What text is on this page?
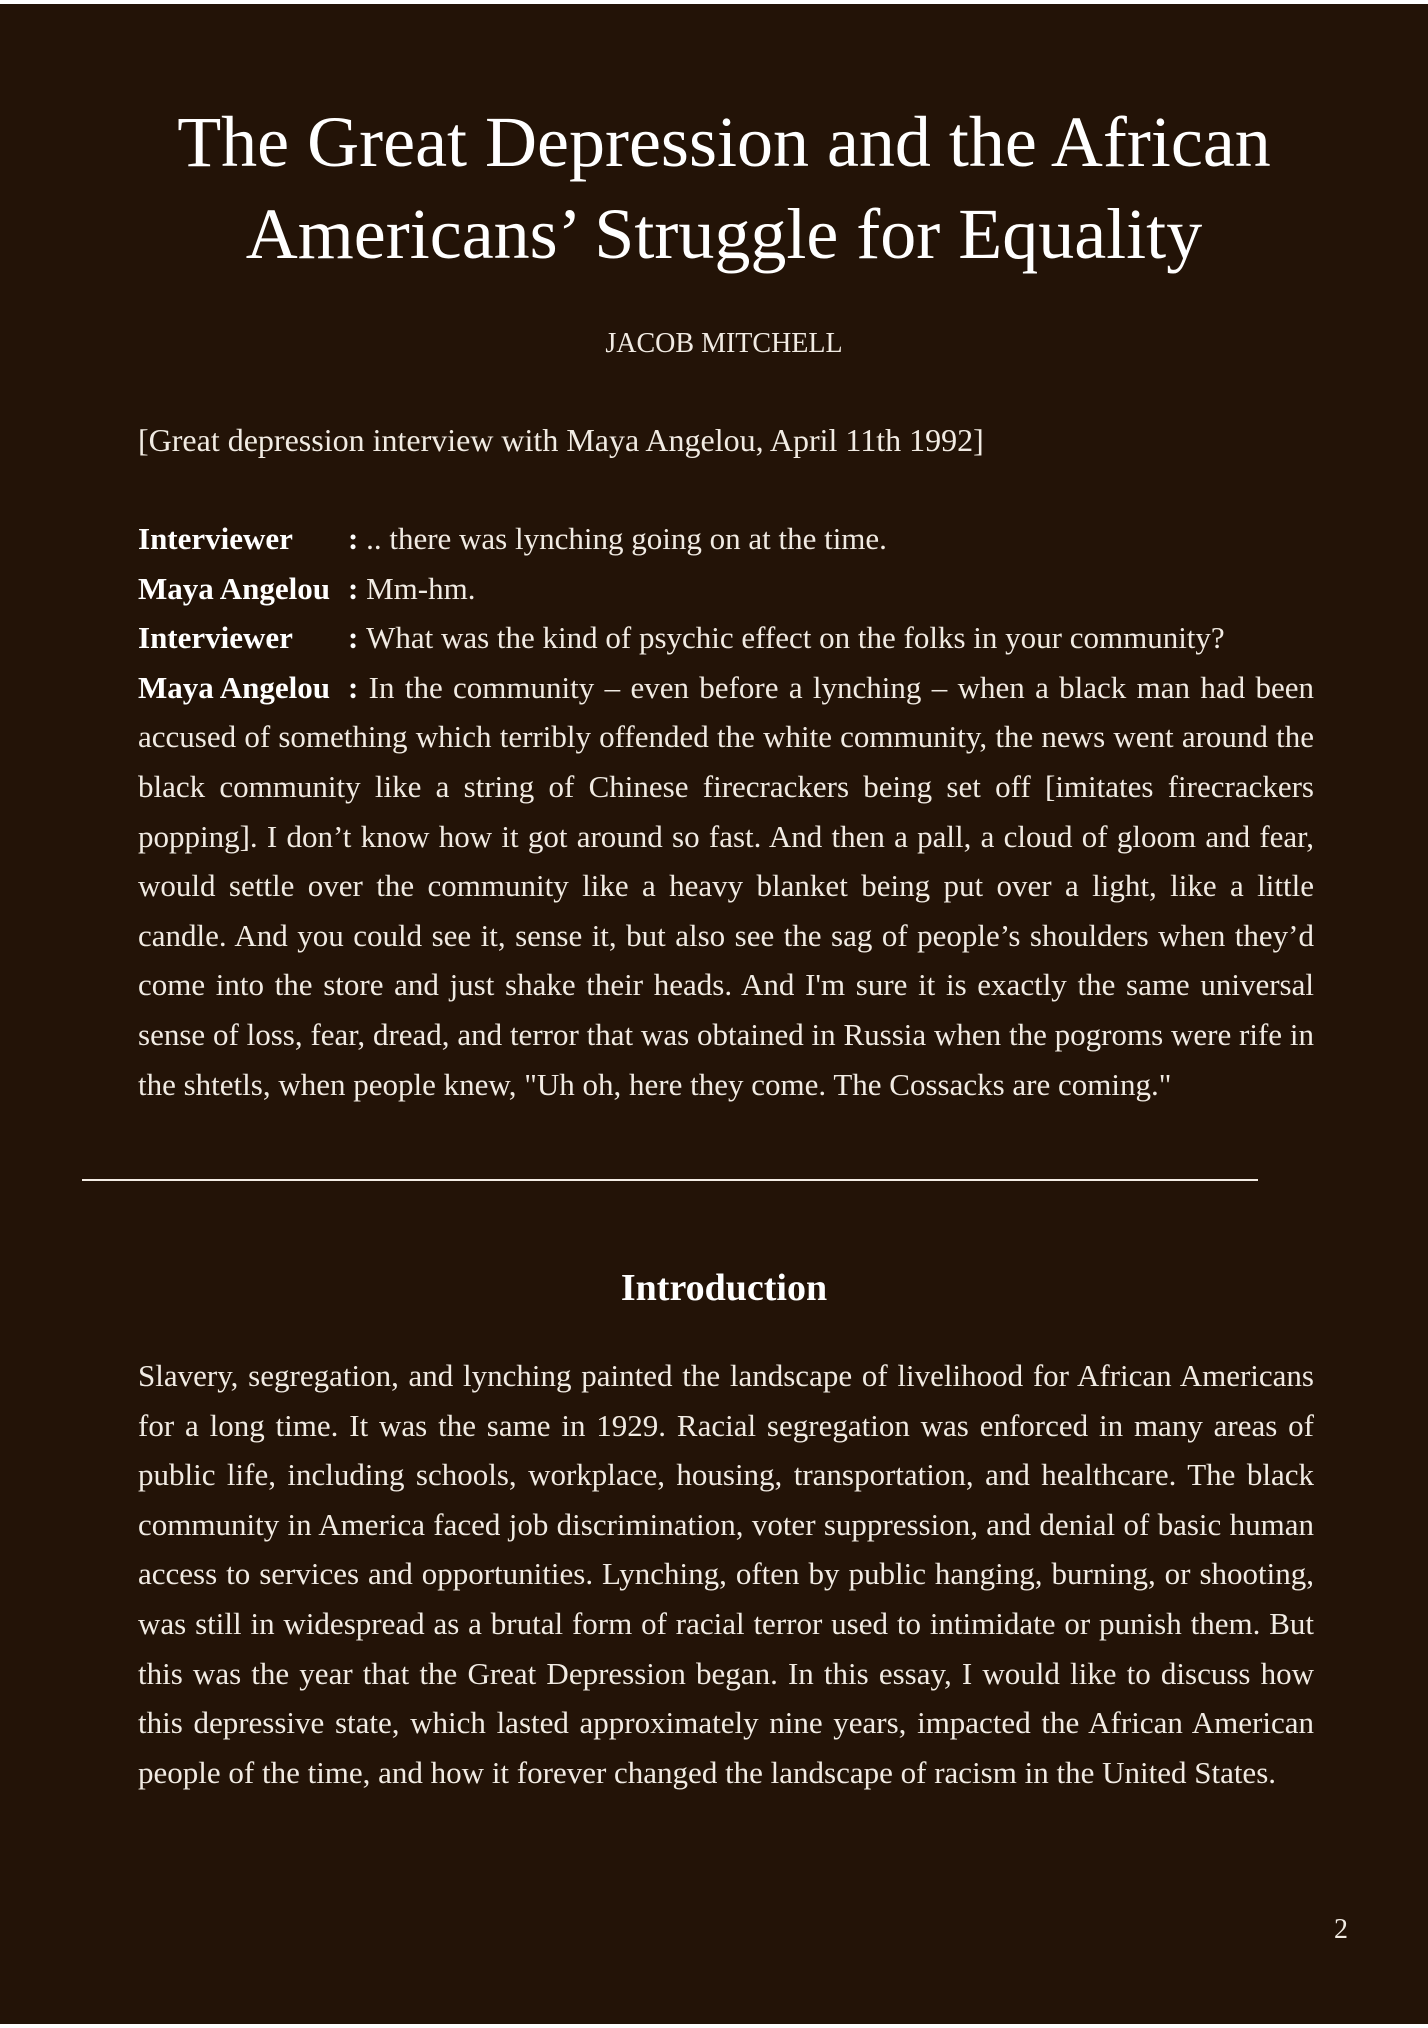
The Great Depression and the African Americans’ Struggle for Equality
JACOB MITCHELL
[Great depression interview with Maya Angelou, April 11th 1992]

Interviewer : .. there was lynching going on at the time.

Maya Angelou : Mm-hm.

Interviewer : What was the kind of psychic effect on the folks in your community?

Maya Angelou : In the community – even before a lynching – when a black man had been accused of something which terribly offended the white community, the news went around the black community like a string of Chinese firecrackers being set off [imitates firecrackers popping]. I don’t know how it got around so fast. And then a pall, a cloud of gloom and fear, would settle over the community like a heavy blanket being put over a light, like a little candle. And you could see it, sense it, but also see the sag of people’s shoulders when they’d come into the store and just shake their heads. And I'm sure it is exactly the same universal sense of loss, fear, dread, and terror that was obtained in Russia when the pogroms were rife in the shtetls, when people knew, "Uh oh, here they come. The Cossacks are coming."

Introduction

Slavery, segregation, and lynching painted the landscape of livelihood for African Americans for a long time. It was the same in 1929. Racial segregation was enforced in many areas of public life, including schools, workplace, housing, transportation, and healthcare. The black community in America faced job discrimination, voter suppression, and denial of basic human access to services and opportunities. Lynching, often by public hanging, burning, or shooting, was still in widespread as a brutal form of racial terror used to intimidate or punish them. But this was the year that the Great Depression began. In this essay, I would like to discuss how this depressive state, which lasted approximately nine years, impacted the African American people of the time, and how it forever changed the landscape of racism in the United States.

2
